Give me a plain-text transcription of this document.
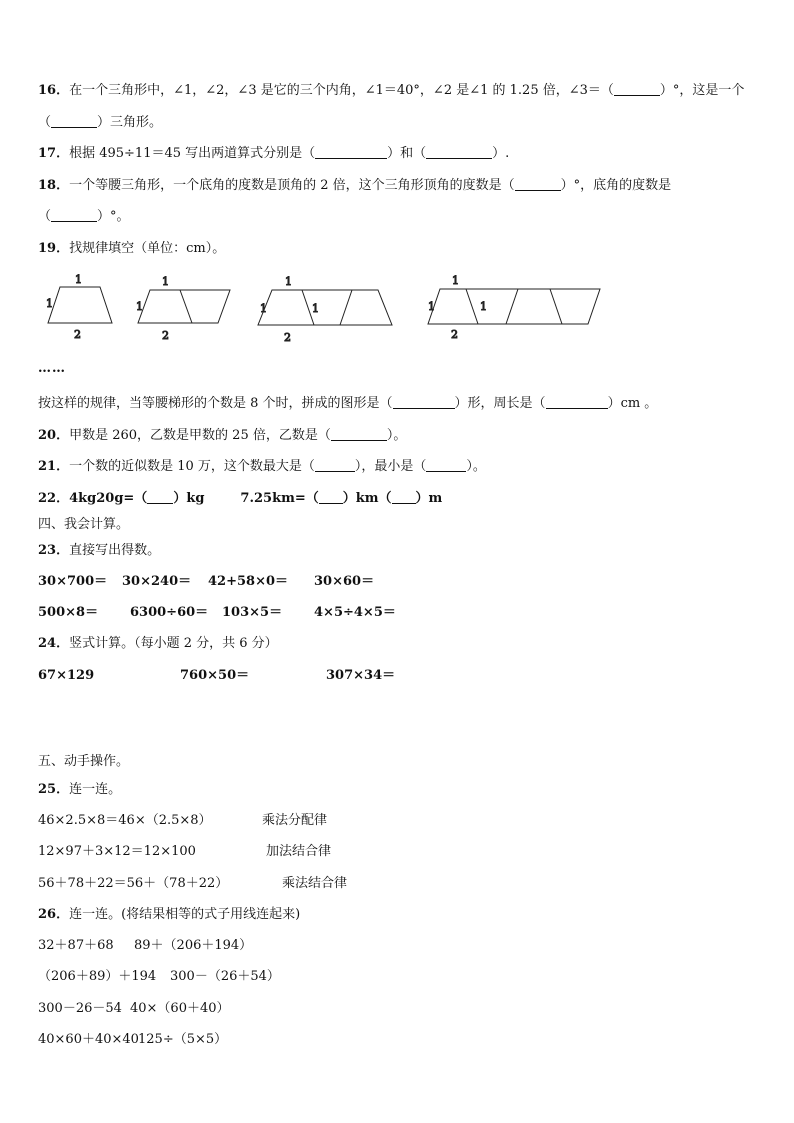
16．在一个三角形中，∠1，∠2，∠3 是它的三个内角，∠1＝40°，∠2 是∠1 的 1.25 倍，∠3＝（	）°，这是一个
（	）三角形。
17．根据 495÷11＝45 写出两道算式分别是（	）和（	）.
18．一个等腰三角形，一个底角的度数是顶角的 2 倍，这个三角形顶角的度数是（	）°，底角的度数是
（	）°。
19．找规律填空（单位：cm）。
1
1
2
1
1
2
1
1	1
2
1
1	1
2
……
按这样的规律，当等腰梯形的个数是 8 个时，拼成的图形是（	）形，周长是（	）cm 。
20．甲数是 260，乙数是甲数的 25 倍，乙数是（	）。
21．一个数的近似数是 10 万，这个数最大是（	），最小是（	）。
22．4kg20g=（ ）kg	7.25km=（ ）km（ ）m
四、我会计算。
23．直接写出得数。
30×700＝ 30×240＝ 42+58×0＝ 30×60＝
500×8＝ 6300÷60＝ 103×5＝ 4×5÷4×5＝
24．竖式计算。（每小题 2 分，共 6 分）
67×129	760×50＝	307×34＝
五、动手操作。
25．连一连。
46×2.5×8＝46×（2.5×8）	乘法分配律
12×97＋3×12＝12×100	加法结合律
56＋78＋22＝56＋（78＋22）	乘法结合律
26．连一连。(将结果相等的式子用线连起来)
32＋87＋68 89＋（206＋194）
（206＋89）＋194 300－（26＋54）
300－26－54 40×（60＋40）
40×60＋40×40 125÷（5×5）
